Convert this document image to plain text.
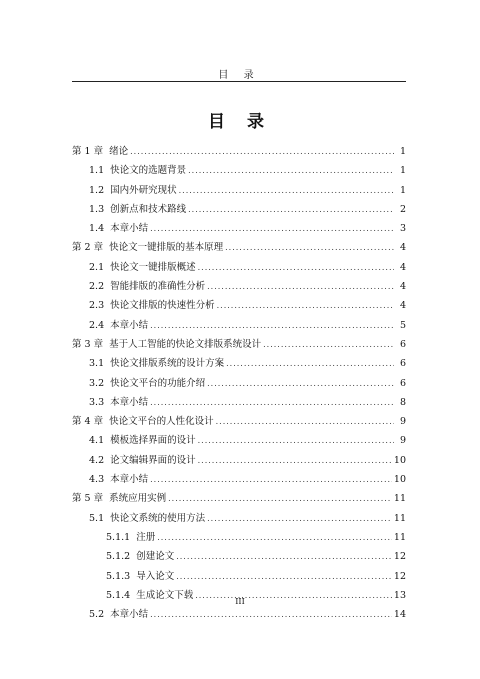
目 录
目 录
第 1 章 绪论 .....	1
1.1 快论文的选题背景 .....	1
1.2 国内外研究现状 .....	1
1.3 创新点和技术路线 .....	2
1.4 本章小结 .....	3
第 2 章 快论文一键排版的基本原理 .....	4
2.1 快论文一键排版概述 .....	4
2.2 智能排版的准确性分析 .....	4
2.3 快论文排版的快速性分析 .....	4
2.4 本章小结 .....	5
第 3 章 基于人工智能的快论文排版系统设计 .....	6
3.1 快论文排版系统的设计方案 .....	6
3.2 快论文平台的功能介绍 .....	6
3.3 本章小结 .....	8
第 4 章 快论文平台的人性化设计 .....	9
4.1 模板选择界面的设计 .....	9
4.2 论文编辑界面的设计 .....	10
4.3 本章小结 .....	10
第 5 章 系统应用实例 .....	11
5.1 快论文系统的使用方法 .....	11
5.1.1 注册 .....	11
5.1.2 创建论文 .....	12
5.1.3 导入论文 .....	12
5.1.4 生成论文下载 .....	13
5.2 本章小结 .....	14
III
